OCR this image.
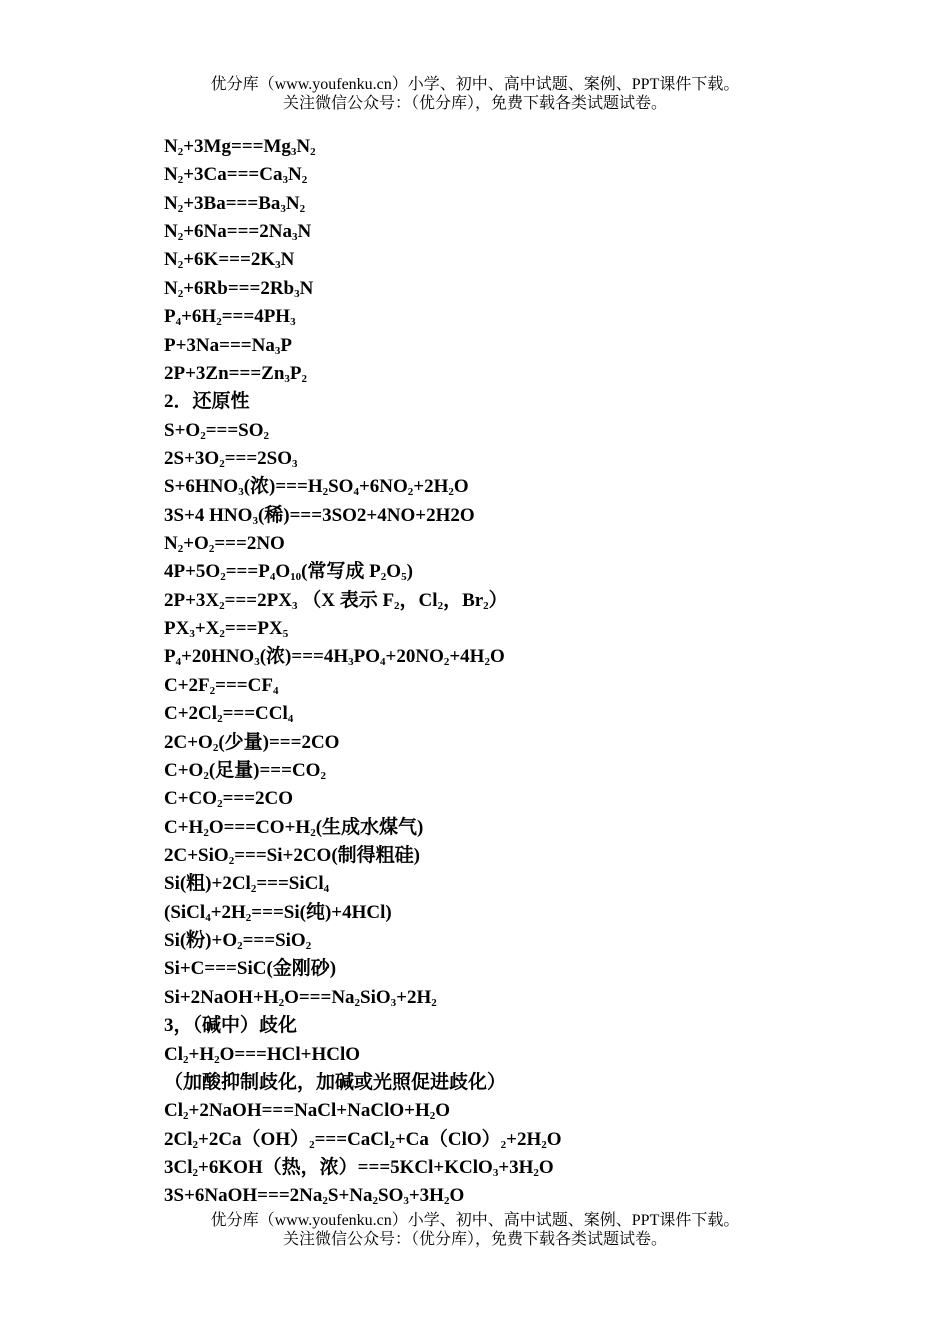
优分库（www.youfenku.cn）小学、初中、高中试题、案例、PPT课件下载。
关注微信公众号：（优分库），免费下载各类试题试卷。
$N_2+3Mg===Mg_3N_2$
$N_2+3Ca===Ca_3N_2$
$N_2+3Ba===Ba_3N_2$
$N_2+6Na===2Na_3N$
$N_2+6K===2K_3N$
$N_2+6Rb===2Rb_3N$
$P_4+6H_2===4PH_3$
$P+3Na===Na_3P$
$2P+3Zn===Zn_3P_2$
2．还原性
$S+O_2===SO_2$
$2S+3O_2===2SO_3$
$S+6HNO_3$(浓)$===H_2SO_4+6NO_2+2H_2O$
3S+4 $HNO_3$(稀)===3SO2+4NO+2H2O
$N_2+O_2===2NO$
$4P+5O_2===P_4O_{10}$(常写成 $P_2O_5$)
$2P+3X_2===2PX_3$ （X 表示 $F_2$，$Cl_2$，$Br_2$）
$PX_3+X_2===PX_5$
$P_4+20HNO_3$(浓)$===4H_3PO_4+20NO_2+4H_2O$
$C+2F_2===CF_4$
$C+2Cl_2===CCl_4$
$2C+O_2$(少量)===2CO
$C+O_2$(足量)$===CO_2$
$C+CO_2===2CO$
$C+H_2O===CO+H_2$(生成水煤气)
2C+SiO$_2$===Si+2CO(制得粗硅)
Si(粗)$+2Cl_2===SiCl_4$
($SiCl_4+2H_2===Si$(纯)+4HCl)
Si(粉)$+O_2===SiO_2$
Si+C===SiC(金刚砂)
$Si+2NaOH+H_2O===Na_2SiO_3+2H_2$
3，（碱中）歧化
$Cl_2+H_2O===HCl+HClO$
（加酸抑制歧化，加碱或光照促进歧化）
$Cl_2+2NaOH===NaCl+NaClO+H_2O$
$2Cl_2+2Ca(OH)_2===CaCl_2+Ca(ClO)_2+2H_2O$
$3Cl_2+6KOH$（热，浓）$===5KCl+KClO_3+3H_2O$
$3S+6NaOH===2Na_2S+Na_2SO_3+3H_2O$
优分库（www.youfenku.cn）小学、初中、高中试题、案例、PPT课件下载。
关注微信公众号：（优分库），免费下载各类试题试卷。
